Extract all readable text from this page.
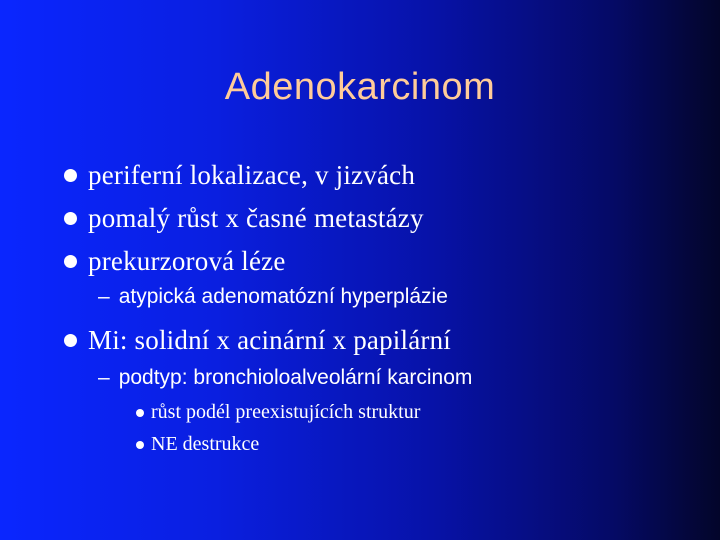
Adenokarcinom
periferní lokalizace, v jizvách
pomalý růst x časné metastázy
prekurzorová léze
– atypická adenomatózní hyperplázie
Mi: solidní x acinární x papilární
– podtyp: bronchioloalveolární karcinom
růst podél preexistujících struktur
NE destrukce
